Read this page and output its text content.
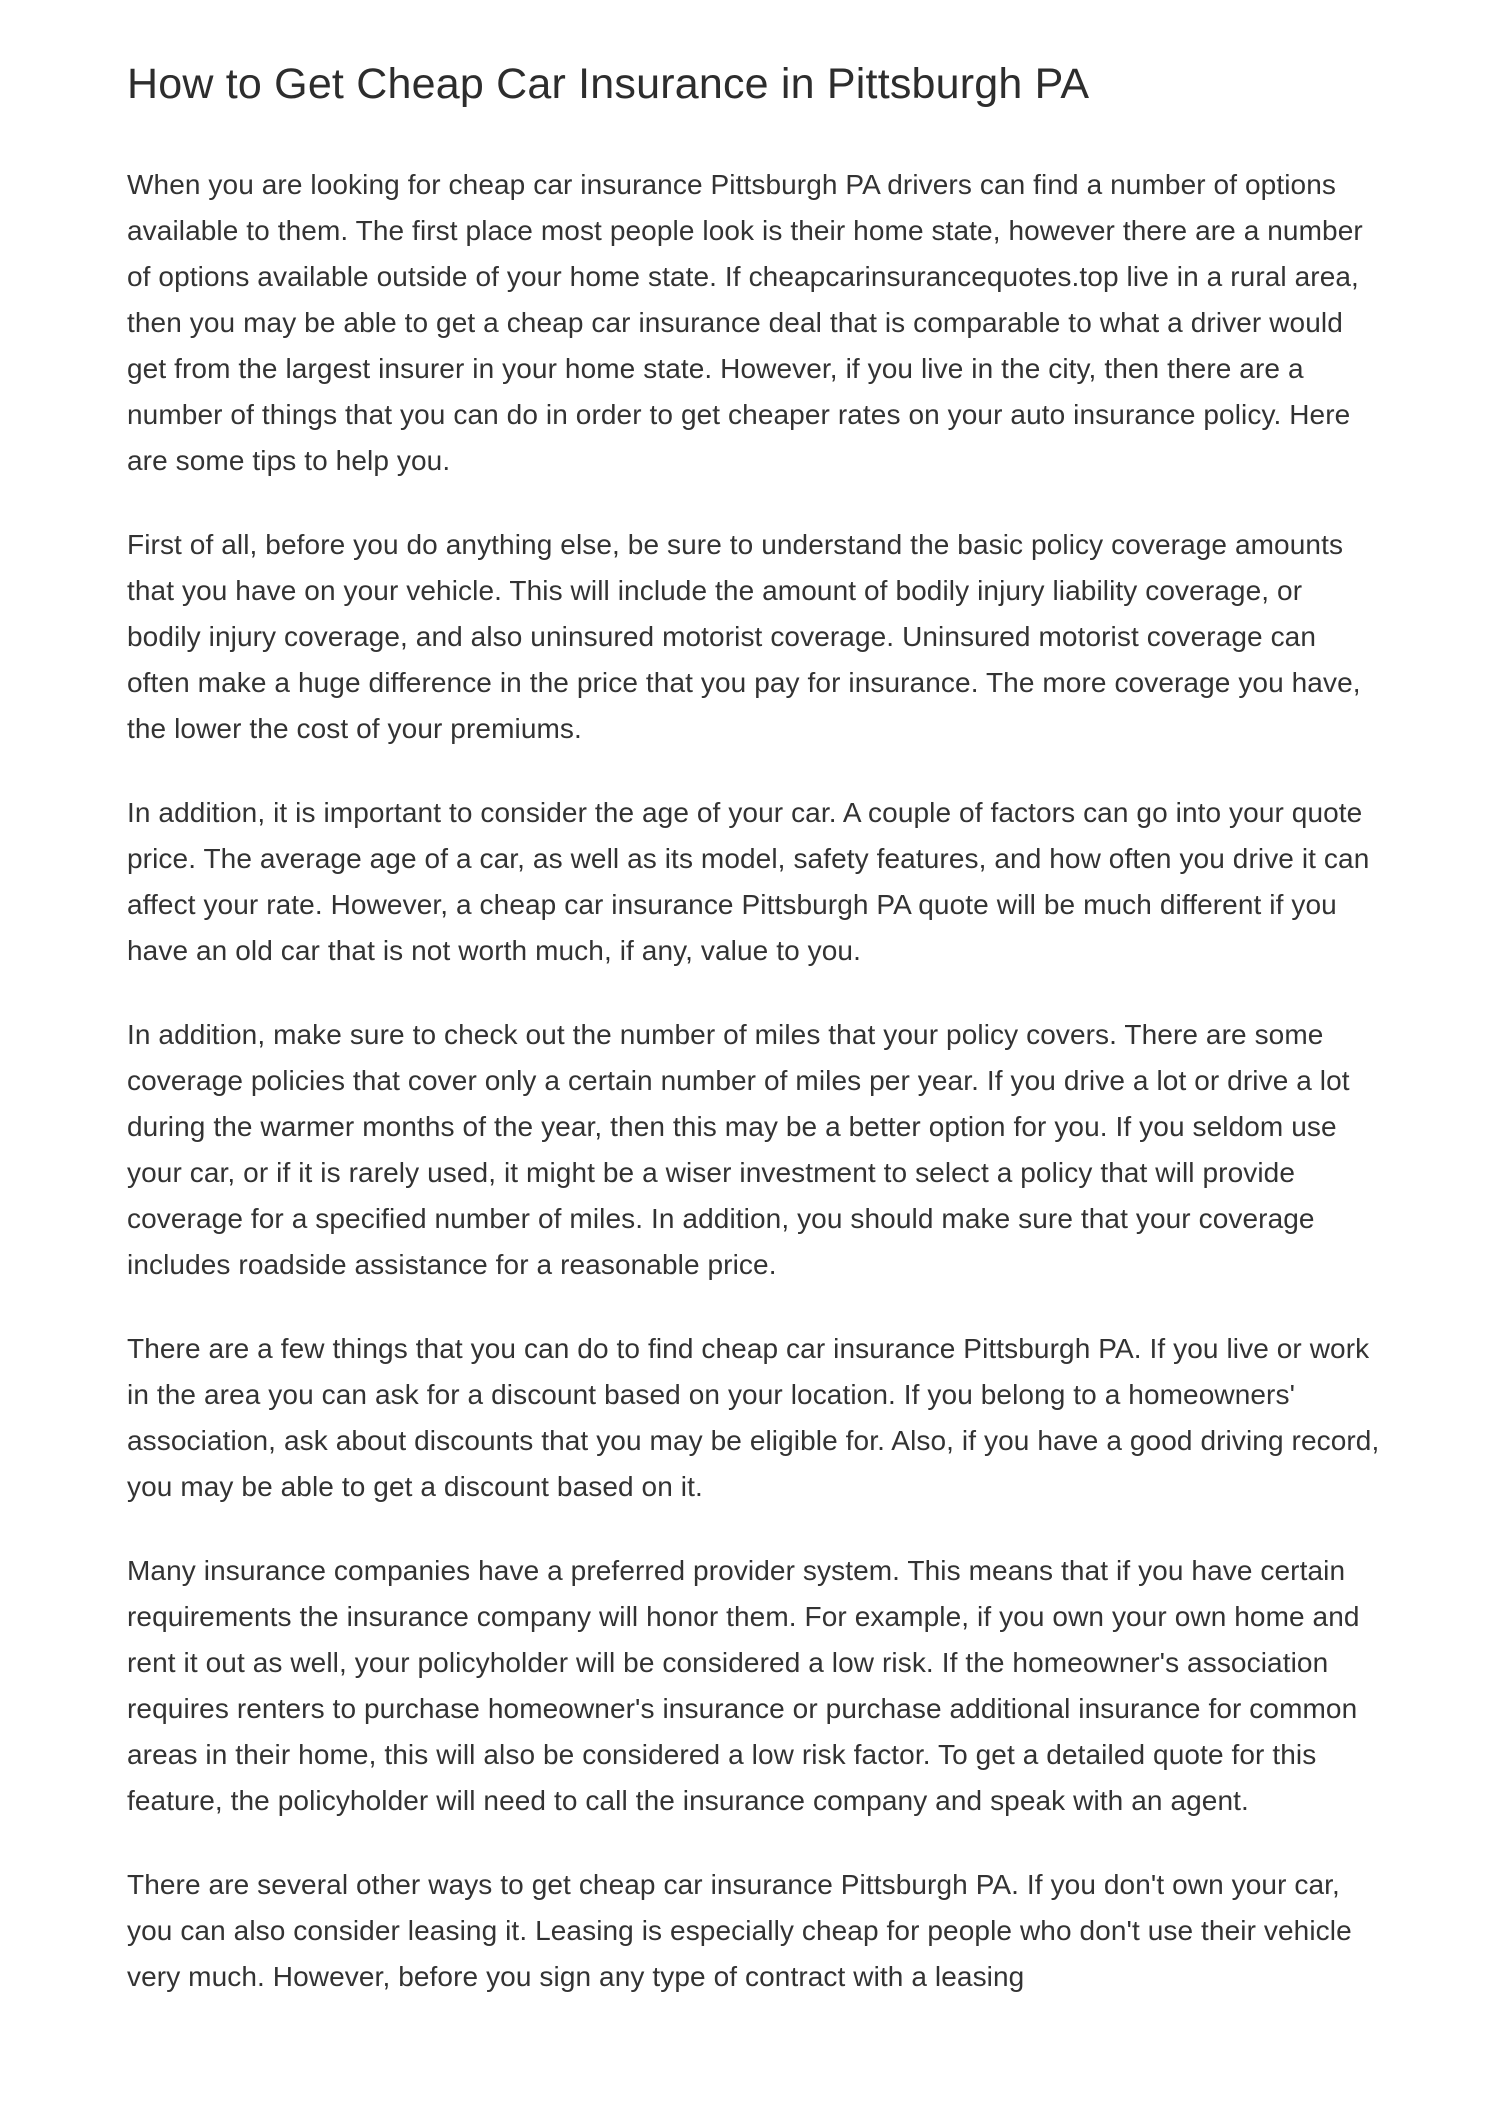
How to Get Cheap Car Insurance in Pittsburgh PA

When you are looking for cheap car insurance Pittsburgh PA drivers can find a number of options available to them. The first place most people look is their home state, however there are a number of options available outside of your home state. If cheapcarinsurancequotes.top live in a rural area, then you may be able to get a cheap car insurance deal that is comparable to what a driver would get from the largest insurer in your home state. However, if you live in the city, then there are a number of things that you can do in order to get cheaper rates on your auto insurance policy. Here are some tips to help you.

First of all, before you do anything else, be sure to understand the basic policy coverage amounts that you have on your vehicle. This will include the amount of bodily injury liability coverage, or bodily injury coverage, and also uninsured motorist coverage. Uninsured motorist coverage can often make a huge difference in the price that you pay for insurance. The more coverage you have, the lower the cost of your premiums.

In addition, it is important to consider the age of your car. A couple of factors can go into your quote price. The average age of a car, as well as its model, safety features, and how often you drive it can affect your rate. However, a cheap car insurance Pittsburgh PA quote will be much different if you have an old car that is not worth much, if any, value to you.

In addition, make sure to check out the number of miles that your policy covers. There are some coverage policies that cover only a certain number of miles per year. If you drive a lot or drive a lot during the warmer months of the year, then this may be a better option for you. If you seldom use your car, or if it is rarely used, it might be a wiser investment to select a policy that will provide coverage for a specified number of miles. In addition, you should make sure that your coverage includes roadside assistance for a reasonable price.

There are a few things that you can do to find cheap car insurance Pittsburgh PA. If you live or work in the area you can ask for a discount based on your location. If you belong to a homeowners' association, ask about discounts that you may be eligible for. Also, if you have a good driving record, you may be able to get a discount based on it.

Many insurance companies have a preferred provider system. This means that if you have certain requirements the insurance company will honor them. For example, if you own your own home and rent it out as well, your policyholder will be considered a low risk. If the homeowner's association requires renters to purchase homeowner's insurance or purchase additional insurance for common areas in their home, this will also be considered a low risk factor. To get a detailed quote for this feature, the policyholder will need to call the insurance company and speak with an agent.

There are several other ways to get cheap car insurance Pittsburgh PA. If you don't own your car, you can also consider leasing it. Leasing is especially cheap for people who don't use their vehicle very much. However, before you sign any type of contract with a leasing
